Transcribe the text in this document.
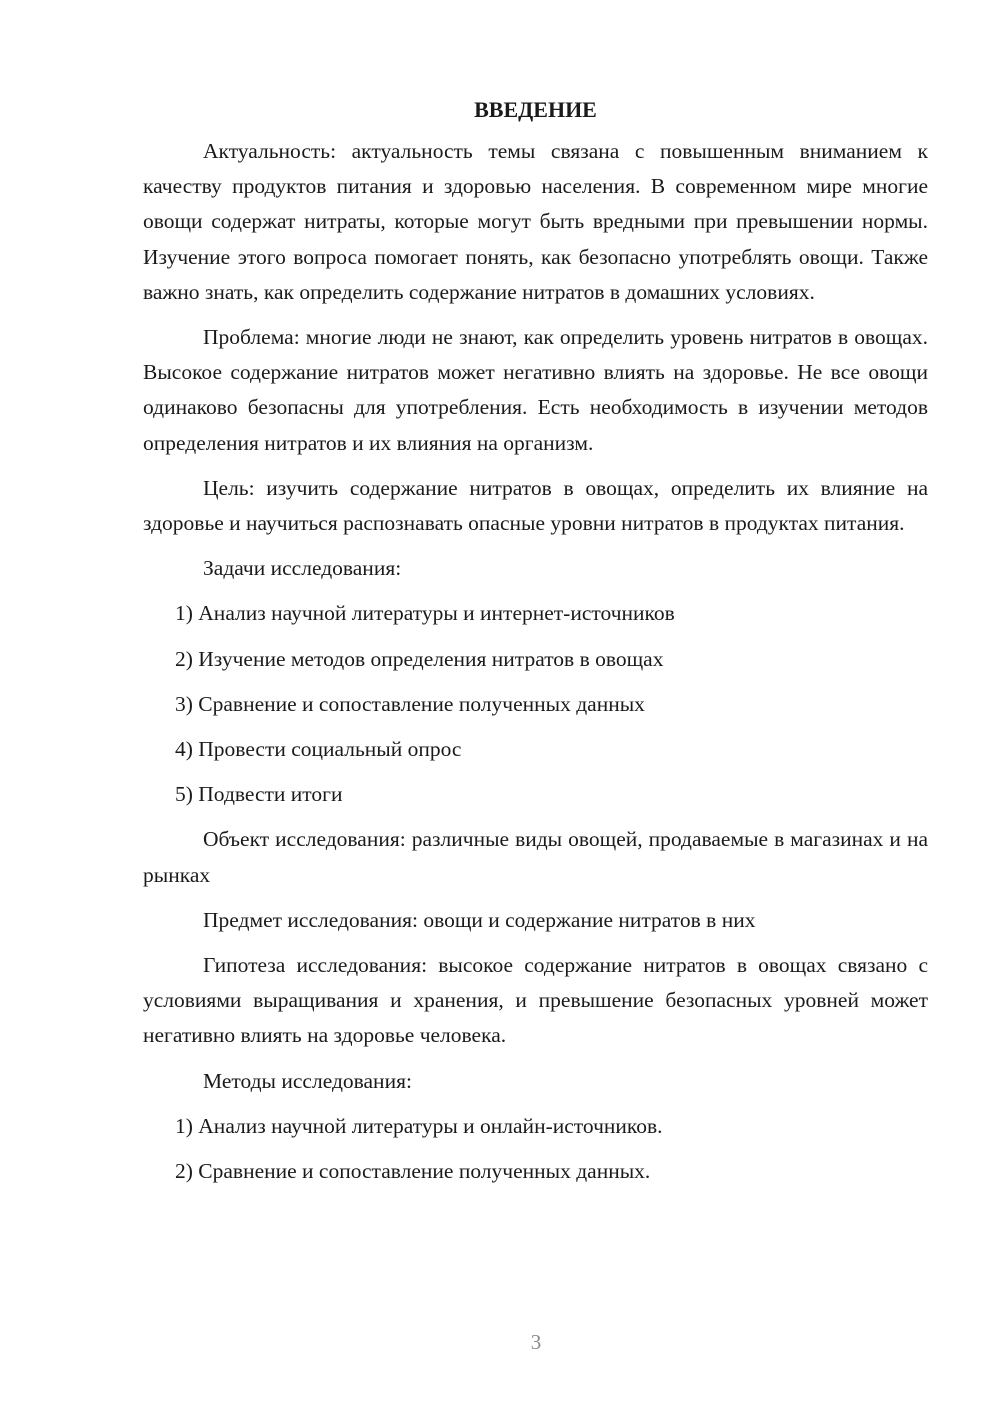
ВВЕДЕНИЕ

Актуальность: актуальность темы связана с повышенным вниманием к качеству продуктов питания и здоровью населения. В современном мире многие овощи содержат нитраты, которые могут быть вредными при превышении нормы. Изучение этого вопроса помогает понять, как безопасно употреблять овощи. Также важно знать, как определить содержание нитратов в домашних условиях.

Проблема: многие люди не знают, как определить уровень нитратов в овощах. Высокое содержание нитратов может негативно влиять на здоровье. Не все овощи одинаково безопасны для употребления. Есть необходимость в изучении методов определения нитратов и их влияния на организм.

Цель: изучить содержание нитратов в овощах, определить их влияние на здоровье и научиться распознавать опасные уровни нитратов в продуктах питания.

Задачи исследования:

1) Анализ научной литературы и интернет-источников
2) Изучение методов определения нитратов в овощах
3) Сравнение и сопоставление полученных данных
4) Провести социальный опрос
5) Подвести итоги

Объект исследования: различные виды овощей, продаваемые в магазинах и на рынках

Предмет исследования: овощи и содержание нитратов в них

Гипотеза исследования: высокое содержание нитратов в овощах связано с условиями выращивания и хранения, и превышение безопасных уровней может негативно влиять на здоровье человека.

Методы исследования:

1) Анализ научной литературы и онлайн-источников.
2) Сравнение и сопоставление полученных данных.
3
